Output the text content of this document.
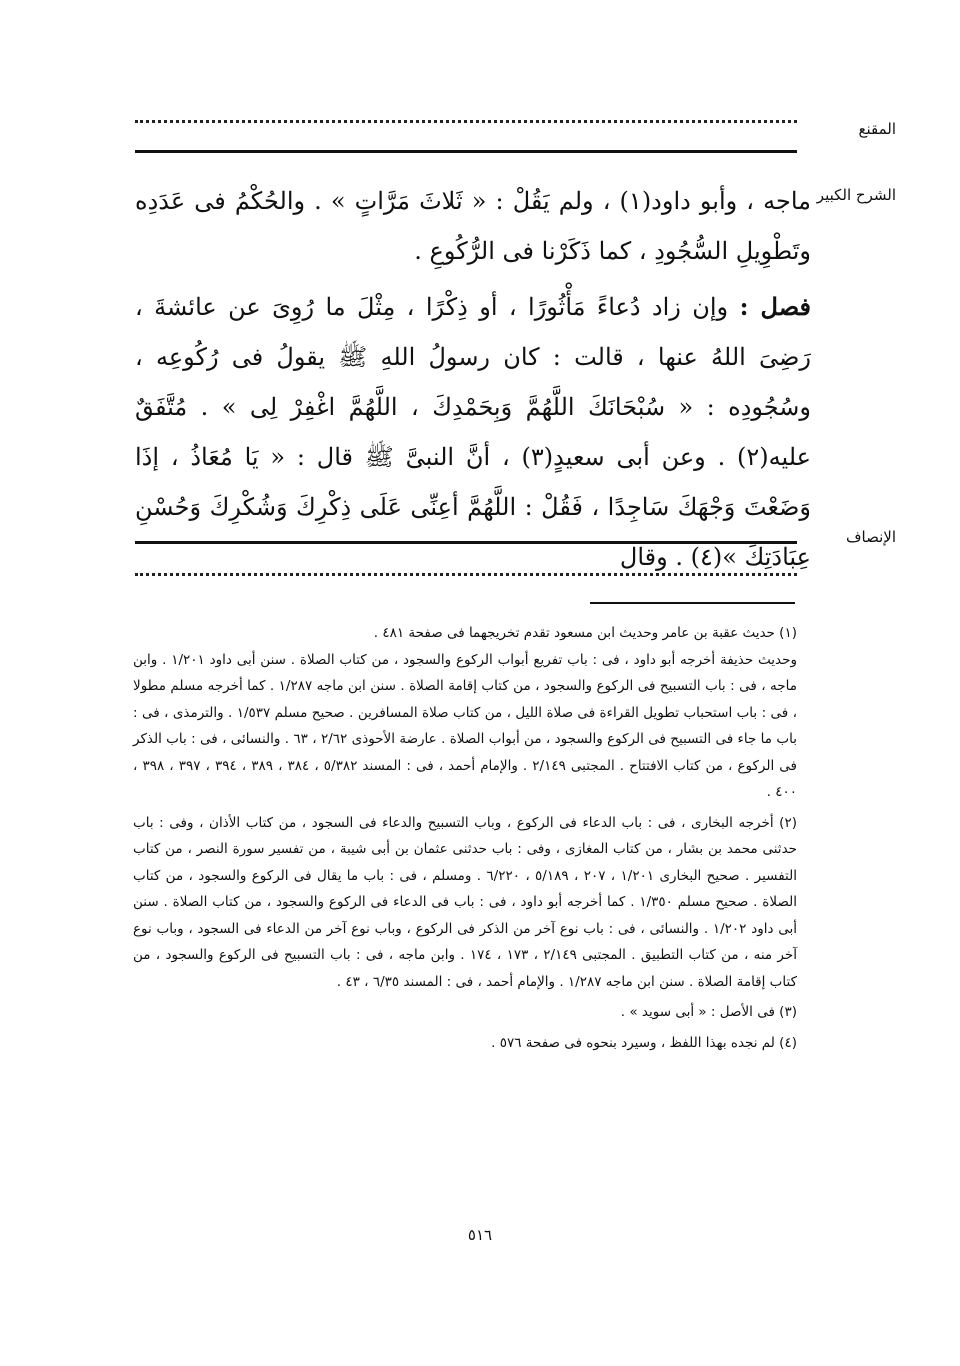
المقنع
الشرح الكبير

ماجه ، وأبو داود(١) ، ولم يَقُلْ : « ثَلاثَ مَرَّاتٍ » . والحُكْمُ فى عَدَدِه وتَطْوِيلِ السُّجُودِ ، كما ذَكَرْنا فى الرُّكُوعِ .

فصل : وإن زاد دُعاءً مَأْثُورًا ، أو ذِكْرًا ، مِثْلَ ما رُوِىَ عن عائشةَ ، رَضِىَ اللهُ عنها ، قالت : كان رسولُ اللهِ ﷺ يقولُ فى رُكُوعِه ، وسُجُودِه : « سُبْحَانَكَ اللَّهُمَّ وَبِحَمْدِكَ ، اللَّهُمَّ اغْفِرْ لِى » . مُتَّفَقٌ عليه(٢) . وعن أبى سعيدٍ(٣) ، أنَّ النبىَّ ﷺ قال : « يَا مُعَاذُ ، إذَا وَضَعْتَ وَجْهَكَ سَاجِدًا ، فَقُلْ : اللَّهُمَّ أعِنِّى عَلَى ذِكْرِكَ وَشُكْرِكَ وَحُسْنِ عِبَادَتِكَ »(٤) . وقال

الإنصاف

(١) حديث عقبة بن عامر وحديث ابن مسعود تقدم تخريجهما فى صفحة ٤٨١ .

وحديث حذيفة أخرجه أبو داود ، فى : باب تفريع أبواب الركوع والسجود ، من كتاب الصلاة . سنن أبى داود ١/٢٠١ . وابن ماجه ، فى : باب التسبيح فى الركوع والسجود ، من كتاب إقامة الصلاة . سنن ابن ماجه ١/٢٨٧ . كما أخرجه مسلم مطولا ، فى : باب استحباب تطويل القراءة فى صلاة الليل ، من كتاب صلاة المسافرين . صحيح مسلم ١/٥٣٧ . والترمذى ، فى : باب ما جاء فى التسبيح فى الركوع والسجود ، من أبواب الصلاة . عارضة الأحوذى ٢/٦٢ ، ٦٣ . والنسائى ، فى : باب الذكر فى الركوع ، من كتاب الافتتاح . المجتبى ٢/١٤٩ . والإمام أحمد ، فى : المسند ٥/٣٨٢ ، ٣٨٤ ، ٣٨٩ ، ٣٩٤ ، ٣٩٧ ، ٣٩٨ ، ٤٠٠ .

(٢) أخرجه البخارى ، فى : باب الدعاء فى الركوع ، وباب التسبيح والدعاء فى السجود ، من كتاب الأذان ، وفى : باب حدثنى محمد بن بشار ، من كتاب المغازى ، وفى : باب حدثنى عثمان بن أبى شيبة ، من تفسير سورة النصر ، من كتاب التفسير . صحيح البخارى ١/٢٠١ ، ٢٠٧ ، ٥/١٨٩ ، ٦/٢٢٠ . ومسلم ، فى : باب ما يقال فى الركوع والسجود ، من كتاب الصلاة . صحيح مسلم ١/٣٥٠ . كما أخرجه أبو داود ، فى : باب فى الدعاء فى الركوع والسجود ، من كتاب الصلاة . سنن أبى داود ١/٢٠٢ . والنسائى ، فى : باب نوع آخر من الذكر فى الركوع ، وباب نوع آخر من الدعاء فى السجود ، وباب نوع آخر منه ، من كتاب التطبيق . المجتبى ٢/١٤٩ ، ١٧٣ ، ١٧٤ . وابن ماجه ، فى : باب التسبيح فى الركوع والسجود ، من كتاب إقامة الصلاة . سنن ابن ماجه ١/٢٨٧ . والإمام أحمد ، فى : المسند ٦/٣٥ ، ٤٣ .

(٣) فى الأصل : « أبى سويد » .

(٤) لم نجده بهذا اللفظ ، وسيرد بنحوه فى صفحة ٥٧٦ .

٥١٦
